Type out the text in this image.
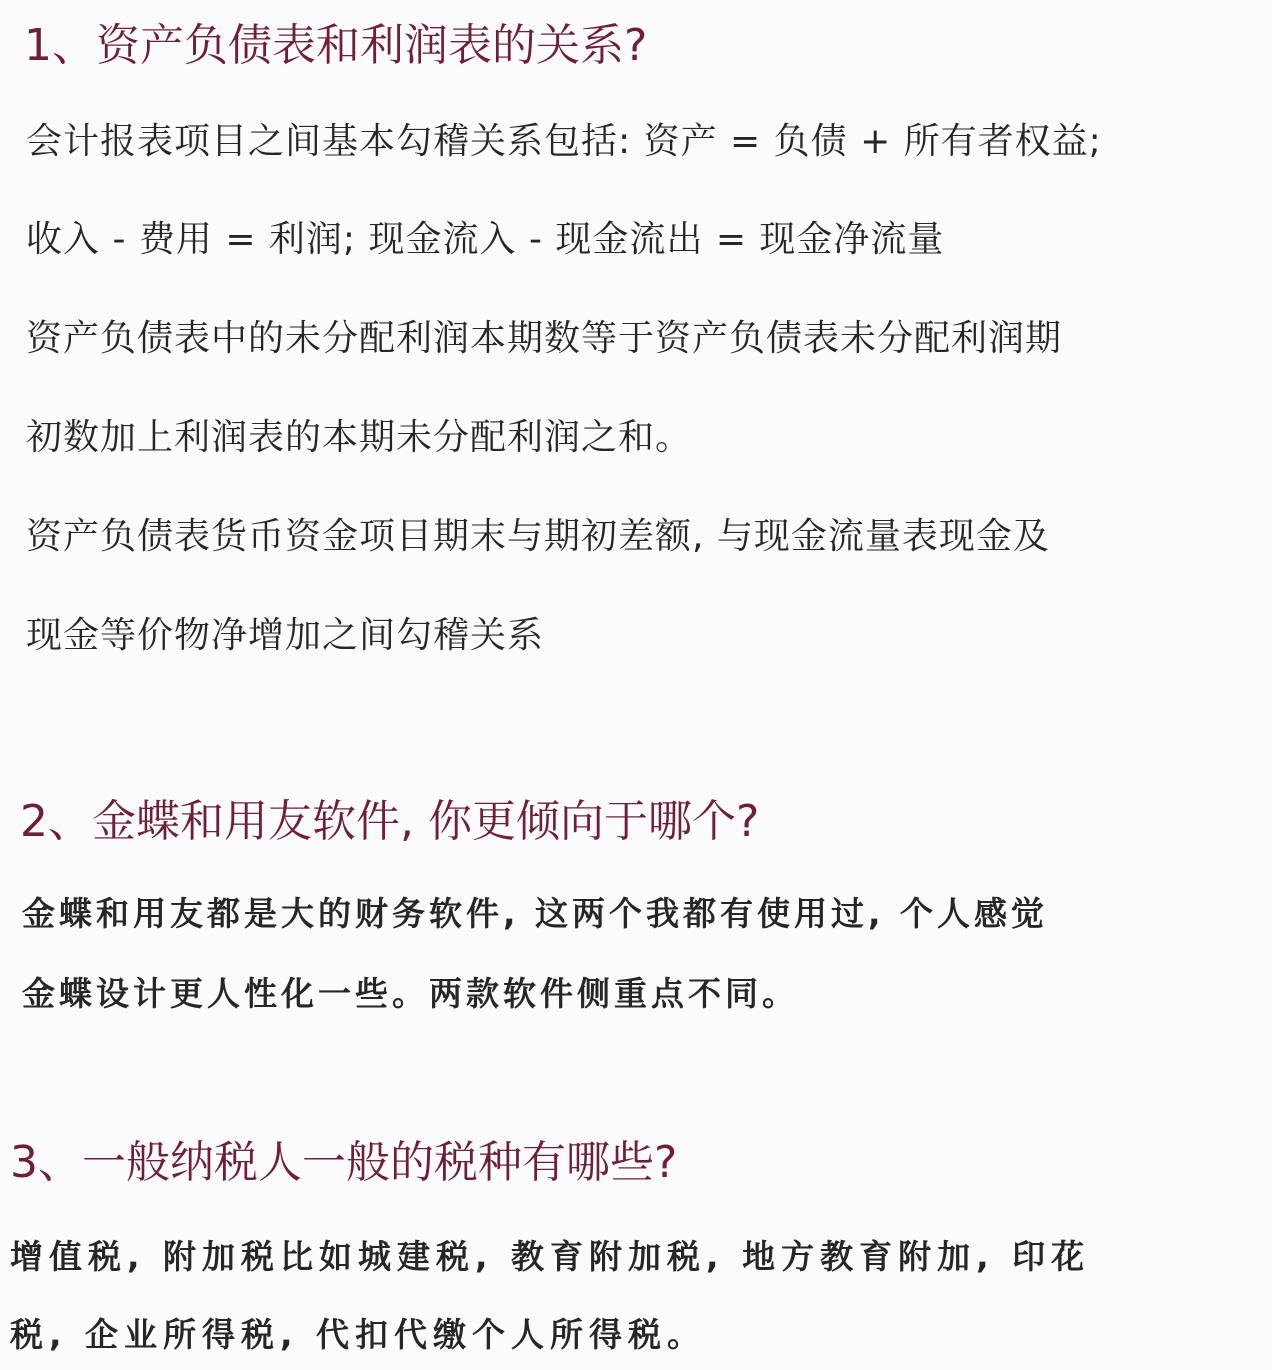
1、资产负债表和利润表的关系?
会计报表项目之间基本勾稽关系包括: 资产 = 负债 + 所有者权益;
收入 - 费用 = 利润; 现金流入 - 现金流出 = 现金净流量
资产负债表中的未分配利润本期数等于资产负债表未分配利润期
初数加上利润表的本期未分配利润之和。
资产负债表货币资金项目期末与期初差额, 与现金流量表现金及
现金等价物净增加之间勾稽关系
2、金蝶和用友软件, 你更倾向于哪个?
金蝶和用友都是大的财务软件, 这两个我都有使用过, 个人感觉
金蝶设计更人性化一些。两款软件侧重点不同。
3、一般纳税人一般的税种有哪些?
增值税, 附加税比如城建税, 教育附加税, 地方教育附加, 印花
税, 企业所得税, 代扣代缴个人所得税。
